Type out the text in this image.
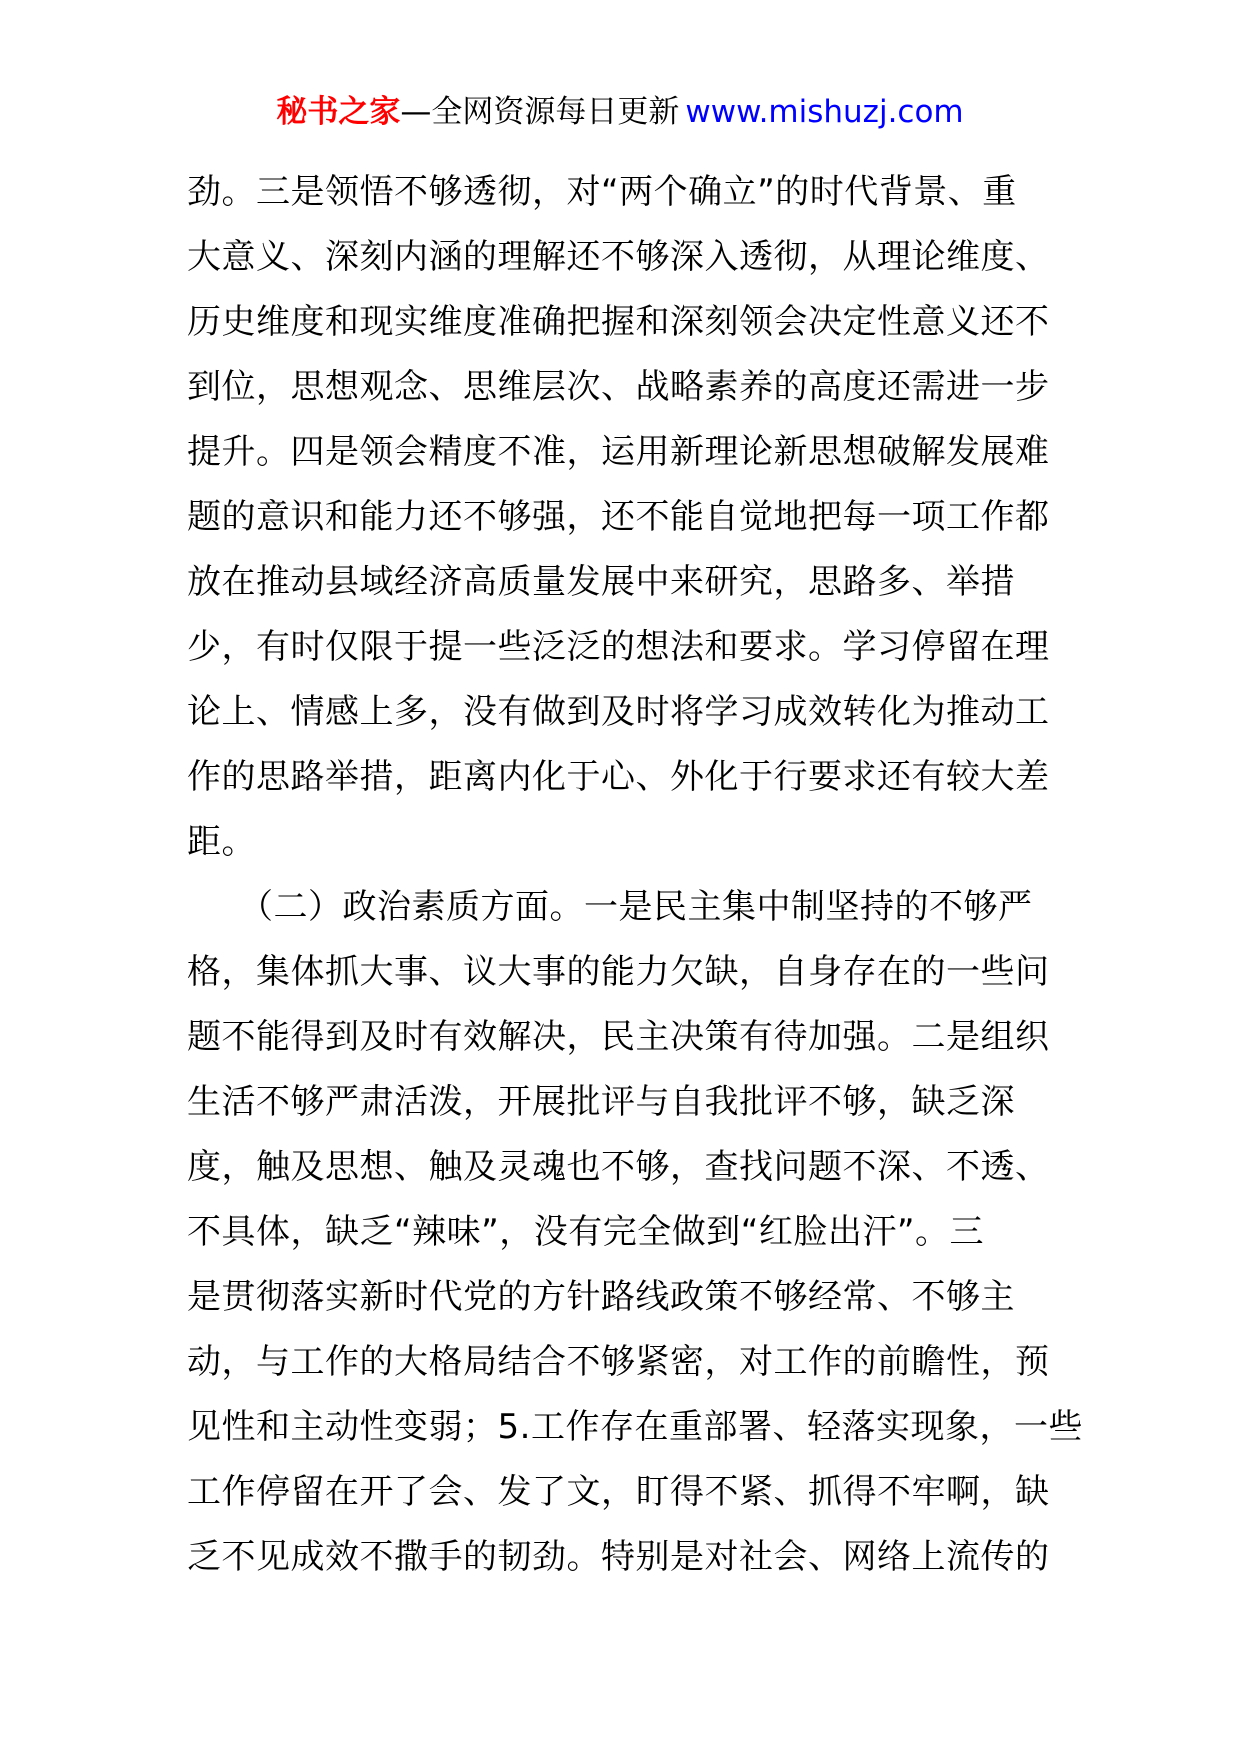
秘书之家—全网资源每日更新 www.mishuzj.com
劲。三是领悟不够透彻，对“两个确立”的时代背景、重
大意义、深刻内涵的理解还不够深入透彻，从理论维度、
历史维度和现实维度准确把握和深刻领会决定性意义还不
到位，思想观念、思维层次、战略素养的高度还需进一步
提升。四是领会精度不准，运用新理论新思想破解发展难
题的意识和能力还不够强，还不能自觉地把每一项工作都
放在推动县域经济高质量发展中来研究，思路多、举措
少，有时仅限于提一些泛泛的想法和要求。学习停留在理
论上、情感上多，没有做到及时将学习成效转化为推动工
作的思路举措，距离内化于心、外化于行要求还有较大差
距。
　　（二）政治素质方面。一是民主集中制坚持的不够严
格，集体抓大事、议大事的能力欠缺，自身存在的一些问
题不能得到及时有效解决，民主决策有待加强。二是组织
生活不够严肃活泼，开展批评与自我批评不够，缺乏深
度，触及思想、触及灵魂也不够，查找问题不深、不透、
不具体，缺乏“辣味”，没有完全做到“红脸出汗”。三
是贯彻落实新时代党的方针路线政策不够经常、不够主
动，与工作的大格局结合不够紧密，对工作的前瞻性，预
见性和主动性变弱；5.工作存在重部署、轻落实现象，一些
工作停留在开了会、发了文，盯得不紧、抓得不牢啊，缺
乏不见成效不撒手的韧劲。特别是对社会、网络上流传的
